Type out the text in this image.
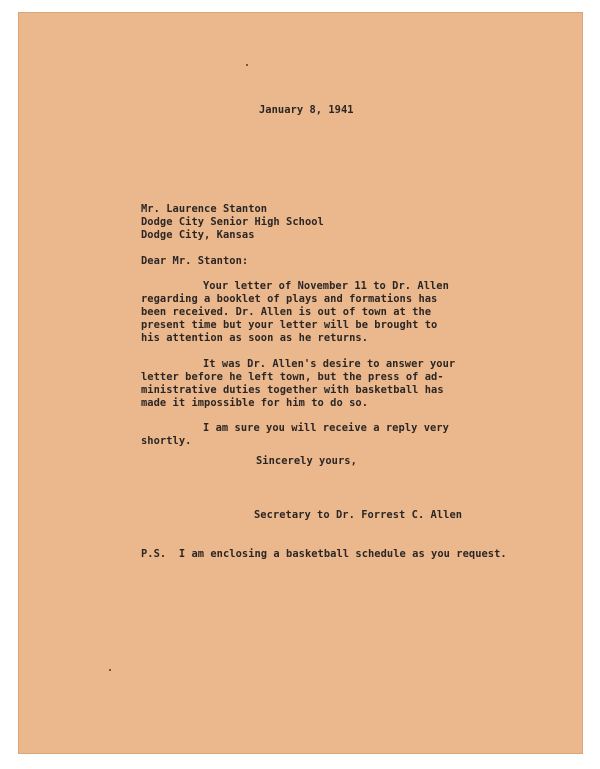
January 8, 1941

Mr. Laurence Stanton

Dodge City Senior High School

Dodge City, Kansas

Dear Mr. Stanton:

Your letter of November 11 to Dr. Allen

regarding a booklet of plays and formations has

been received. Dr. Allen is out of town at the

present time but your letter will be brought to

his attention as soon as he returns.

It was Dr. Allen's desire to answer your

letter before he left town, but the press of ad-

ministrative duties together with basketball has

made it impossible for him to do so.

I am sure you will receive a reply very

shortly.

Sincerely yours,

Secretary to Dr. Forrest C. Allen

P.S.  I am enclosing a basketball schedule as you request.
